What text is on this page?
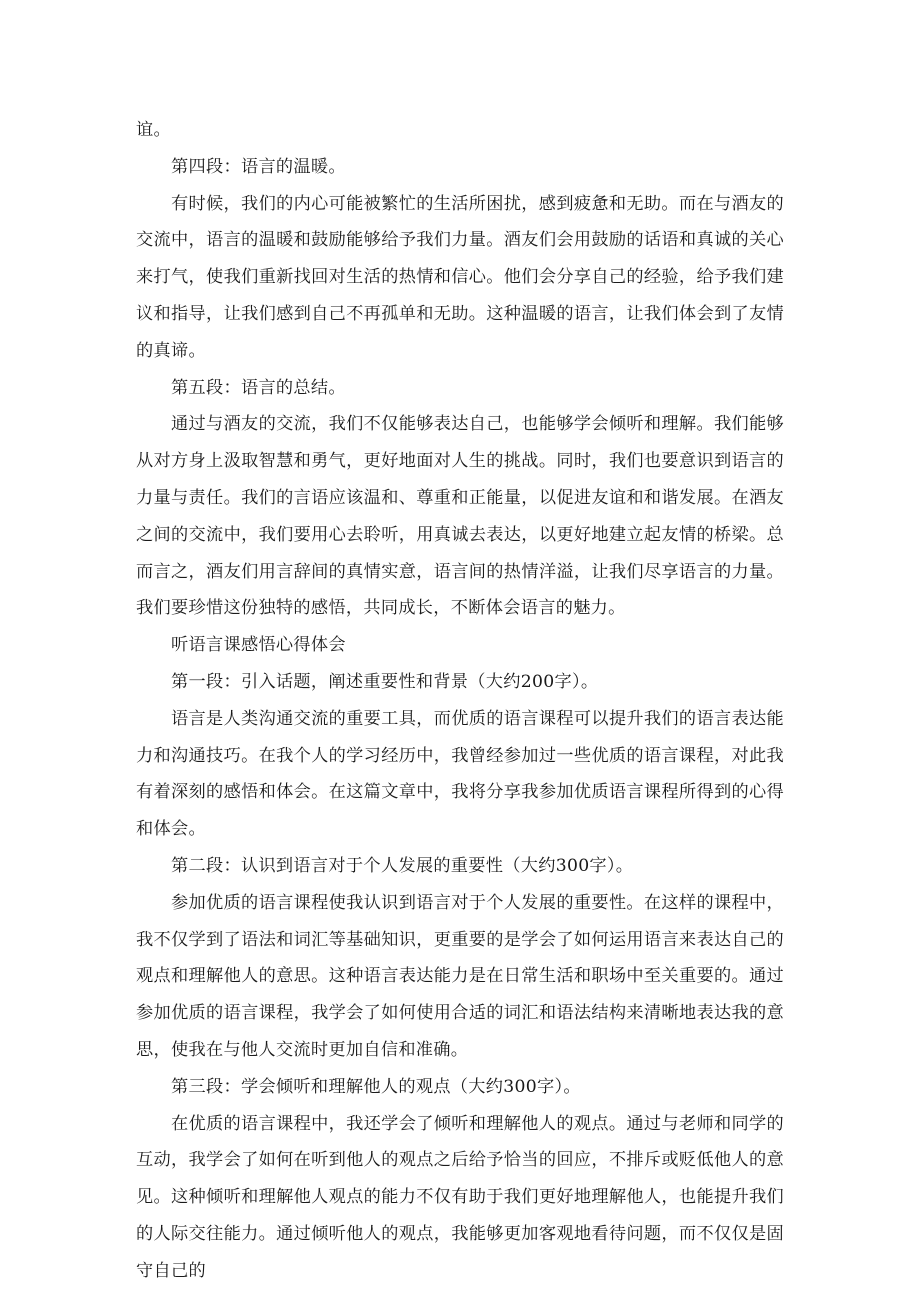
谊。

第四段：语言的温暖。

有时候，我们的内心可能被繁忙的生活所困扰，感到疲惫和无助。而在与酒友的交流中，语言的温暖和鼓励能够给予我们力量。酒友们会用鼓励的话语和真诚的关心来打气，使我们重新找回对生活的热情和信心。他们会分享自己的经验，给予我们建议和指导，让我们感到自己不再孤单和无助。这种温暖的语言，让我们体会到了友情的真谛。

第五段：语言的总结。

通过与酒友的交流，我们不仅能够表达自己，也能够学会倾听和理解。我们能够从对方身上汲取智慧和勇气，更好地面对人生的挑战。同时，我们也要意识到语言的力量与责任。我们的言语应该温和、尊重和正能量，以促进友谊和和谐发展。在酒友之间的交流中，我们要用心去聆听，用真诚去表达，以更好地建立起友情的桥梁。总而言之，酒友们用言辞间的真情实意，语言间的热情洋溢，让我们尽享语言的力量。我们要珍惜这份独特的感悟，共同成长，不断体会语言的魅力。

听语言课感悟心得体会

第一段：引入话题，阐述重要性和背景（大约200字）。

语言是人类沟通交流的重要工具，而优质的语言课程可以提升我们的语言表达能力和沟通技巧。在我个人的学习经历中，我曾经参加过一些优质的语言课程，对此我有着深刻的感悟和体会。在这篇文章中，我将分享我参加优质语言课程所得到的心得和体会。

第二段：认识到语言对于个人发展的重要性（大约300字）。

参加优质的语言课程使我认识到语言对于个人发展的重要性。在这样的课程中，我不仅学到了语法和词汇等基础知识，更重要的是学会了如何运用语言来表达自己的观点和理解他人的意思。这种语言表达能力是在日常生活和职场中至关重要的。通过参加优质的语言课程，我学会了如何使用合适的词汇和语法结构来清晰地表达我的意思，使我在与他人交流时更加自信和准确。

第三段：学会倾听和理解他人的观点（大约300字）。

在优质的语言课程中，我还学会了倾听和理解他人的观点。通过与老师和同学的互动，我学会了如何在听到他人的观点之后给予恰当的回应，不排斥或贬低他人的意见。这种倾听和理解他人观点的能力不仅有助于我们更好地理解他人，也能提升我们的人际交往能力。通过倾听他人的观点，我能够更加客观地看待问题，而不仅仅是固守自己的
